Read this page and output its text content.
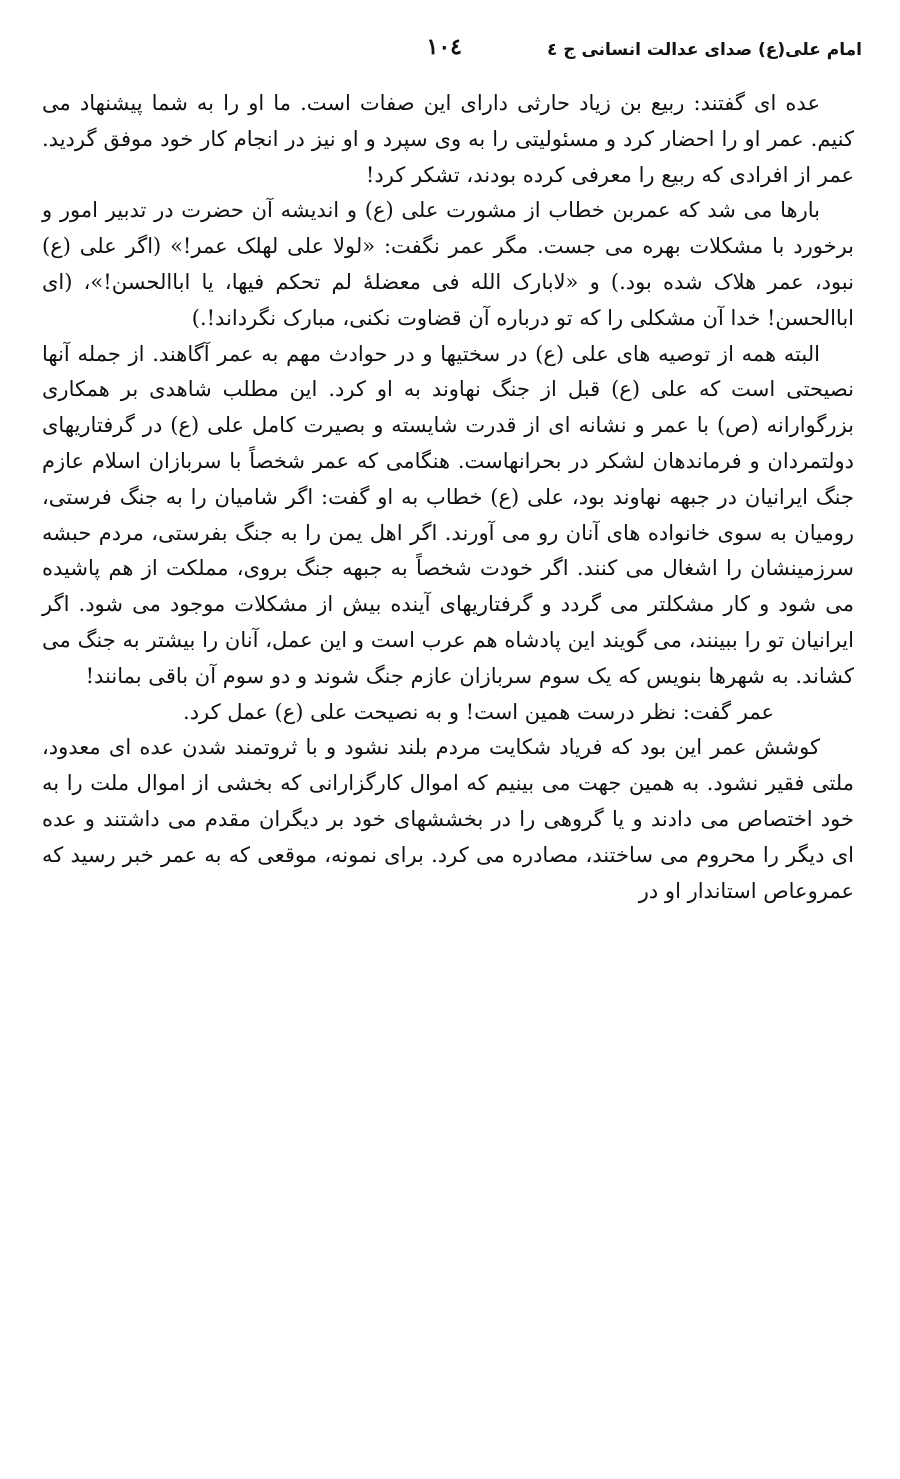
امام علی(ع) صدای عدالت انسانی ج ٤
١٠٤

عده ای گفتند: ربیع بن زیاد حارثی دارای این صفات است. ما او را به شما پیشنهاد می کنیم. عمر او را احضار کرد و مسئولیتی را به وی سپرد و او نیز در انجام کار خود موفق گردید. عمر از افرادی که ربیع را معرفی کرده بودند، تشکر کرد!

بارها می شد که عمربن خطاب از مشورت علی (ع) و اندیشه آن حضرت در تدبیر امور و برخورد با مشکلات بهره می جست. مگر عمر نگفت: «لولا علی لهلک عمر!» (اگر علی (ع) نبود، عمر هلاک شده بود.) و «لابارک الله فی معضلهٔ لم تحکم فیها، یا اباالحسن!»، (ای اباالحسن! خدا آن مشکلی را که تو درباره آن قضاوت نکنی، مبارک نگرداند!.)

البته همه از توصیه های علی (ع) در سختیها و در حوادث مهم به عمر آگاهند. از جمله آنها نصیحتی است که علی (ع) قبل از جنگ نهاوند به او کرد. این مطلب شاهدی بر همکاری بزرگوارانه (ص) با عمر و نشانه ای از قدرت شایسته و بصیرت کامل علی (ع) در گرفتاریهای دولتمردان و فرماندهان لشکر در بحرانهاست. هنگامی که عمر شخصاً با سربازان اسلام عازم جنگ ایرانیان در جبهه نهاوند بود، علی (ع) خطاب به او گفت: اگر شامیان را به جنگ فرستی، رومیان به سوی خانواده های آنان رو می آورند. اگر اهل یمن را به جنگ بفرستی، مردم حبشه سرزمینشان را اشغال می کنند. اگر خودت شخصاً به جبهه جنگ بروی، مملکت از هم پاشیده می شود و کار مشکلتر می گردد و گرفتاریهای آینده بیش از مشکلات موجود می شود. اگر ایرانیان تو را ببینند، می گویند این پادشاه هم عرب است و این عمل، آنان را بیشتر به جنگ می کشاند. به شهرها بنویس که یک سوم سربازان عازم جنگ شوند و دو سوم آن باقی بمانند!

عمر گفت: نظر درست همین است! و به نصیحت علی (ع) عمل کرد.

کوشش عمر این بود که فریاد شکایت مردم بلند نشود و با ثروتمند شدن عده ای معدود، ملتی فقیر نشود. به همین جهت می بینیم که اموال کارگزارانی که بخشی از اموال ملت را به خود اختصاص می دادند و یا گروهی را در بخششهای خود بر دیگران مقدم می داشتند و عده ای دیگر را محروم می ساختند، مصادره می کرد. برای نمونه، موقعی که به عمر خبر رسید که عمروعاص استاندار او در
